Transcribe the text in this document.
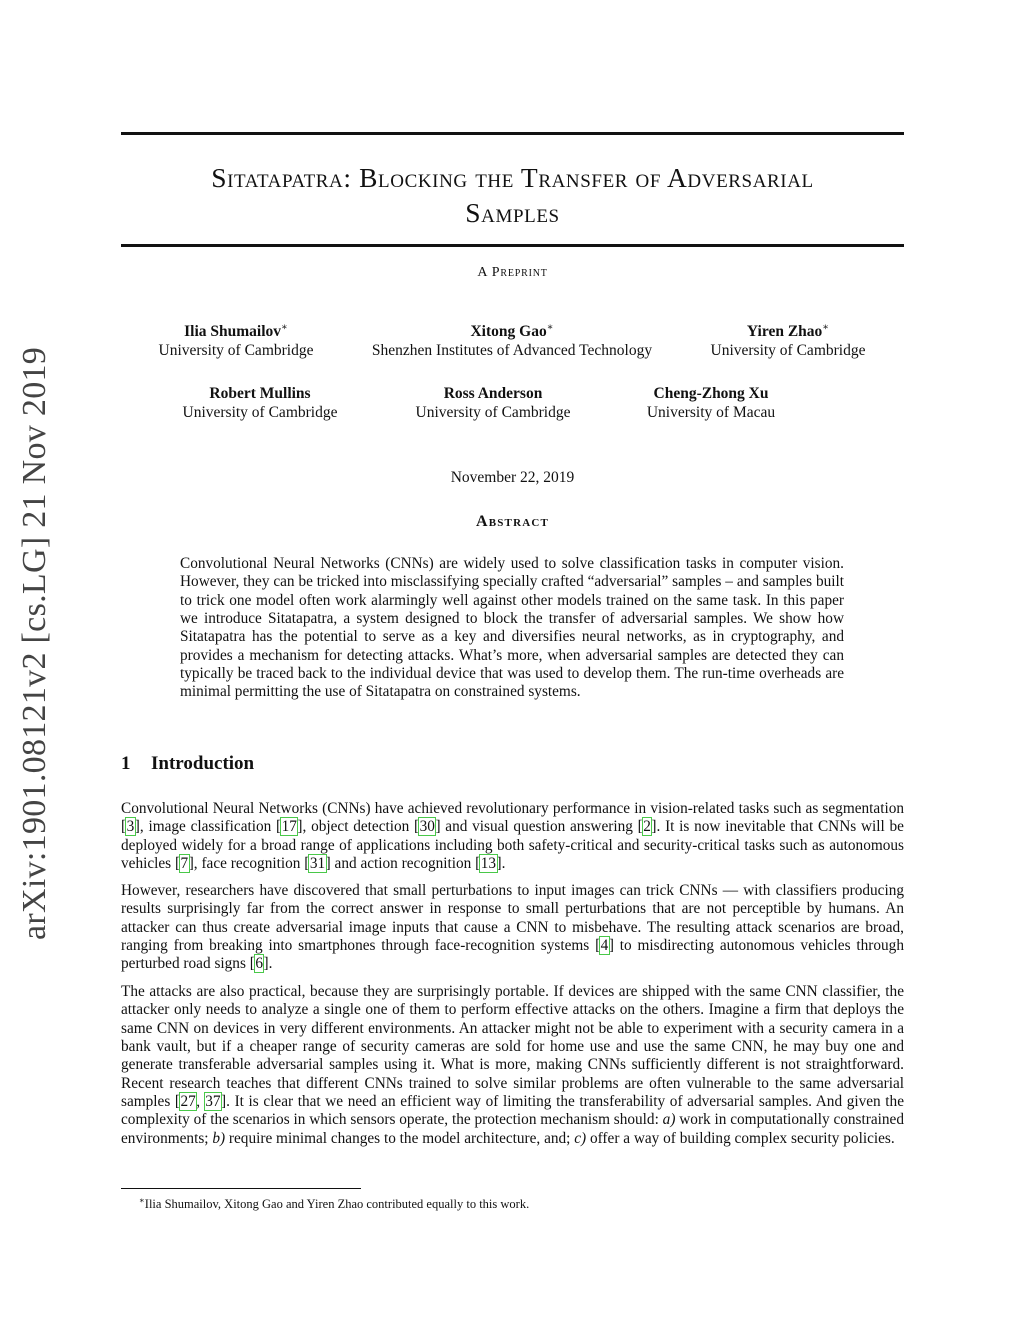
arXiv:1901.08121v2 [cs.LG] 21 Nov 2019
Sitatapatra: Blocking the Transfer of Adversarial
Samples
A Preprint
Ilia Shumailov∗
University of Cambridge
Xitong Gao∗
Shenzhen Institutes of Advanced Technology
Yiren Zhao∗
University of Cambridge
Robert Mullins
University of Cambridge
Ross Anderson
University of Cambridge
Cheng-Zhong Xu
University of Macau
November 22, 2019
Abstract
Convolutional Neural Networks (CNNs) are widely used to solve classification tasks in computer vision. However, they can be tricked into misclassifying specially crafted “adversarial” samples – and samples built to trick one model often work alarmingly well against other models trained on the same task. In this paper we introduce Sitatapatra, a system designed to block the transfer of adversarial samples. We show how Sitatapatra has the potential to serve as a key and diversifies neural networks, as in cryptography, and provides a mechanism for detecting attacks. What’s more, when adversarial samples are detected they can typically be traced back to the individual device that was used to develop them. The run-time overheads are minimal permitting the use of Sitatapatra on constrained systems.
1 Introduction
Convolutional Neural Networks (CNNs) have achieved revolutionary performance in vision-related tasks such as segmentation [3], image classification [17], object detection [30] and visual question answering [2]. It is now inevitable that CNNs will be deployed widely for a broad range of applications including both safety-critical and security-critical tasks such as autonomous vehicles [7], face recognition [31] and action recognition [13].
However, researchers have discovered that small perturbations to input images can trick CNNs — with classifiers producing results surprisingly far from the correct answer in response to small perturbations that are not perceptible by humans. An attacker can thus create adversarial image inputs that cause a CNN to misbehave. The resulting attack scenarios are broad, ranging from breaking into smartphones through face-recognition systems [4] to misdirecting autonomous vehicles through perturbed road signs [6].
The attacks are also practical, because they are surprisingly portable. If devices are shipped with the same CNN classifier, the attacker only needs to analyze a single one of them to perform effective attacks on the others. Imagine a firm that deploys the same CNN on devices in very different environments. An attacker might not be able to experiment with a security camera in a bank vault, but if a cheaper range of security cameras are sold for home use and use the same CNN, he may buy one and generate transferable adversarial samples using it. What is more, making CNNs sufficiently different is not straightforward. Recent research teaches that different CNNs trained to solve similar problems are often vulnerable to the same adversarial samples [27, 37]. It is clear that we need an efficient way of limiting the transferability of adversarial samples. And given the complexity of the scenarios in which sensors operate, the protection mechanism should: a) work in computationally constrained environments; b) require minimal changes to the model architecture, and; c) offer a way of building complex security policies.
∗Ilia Shumailov, Xitong Gao and Yiren Zhao contributed equally to this work.
